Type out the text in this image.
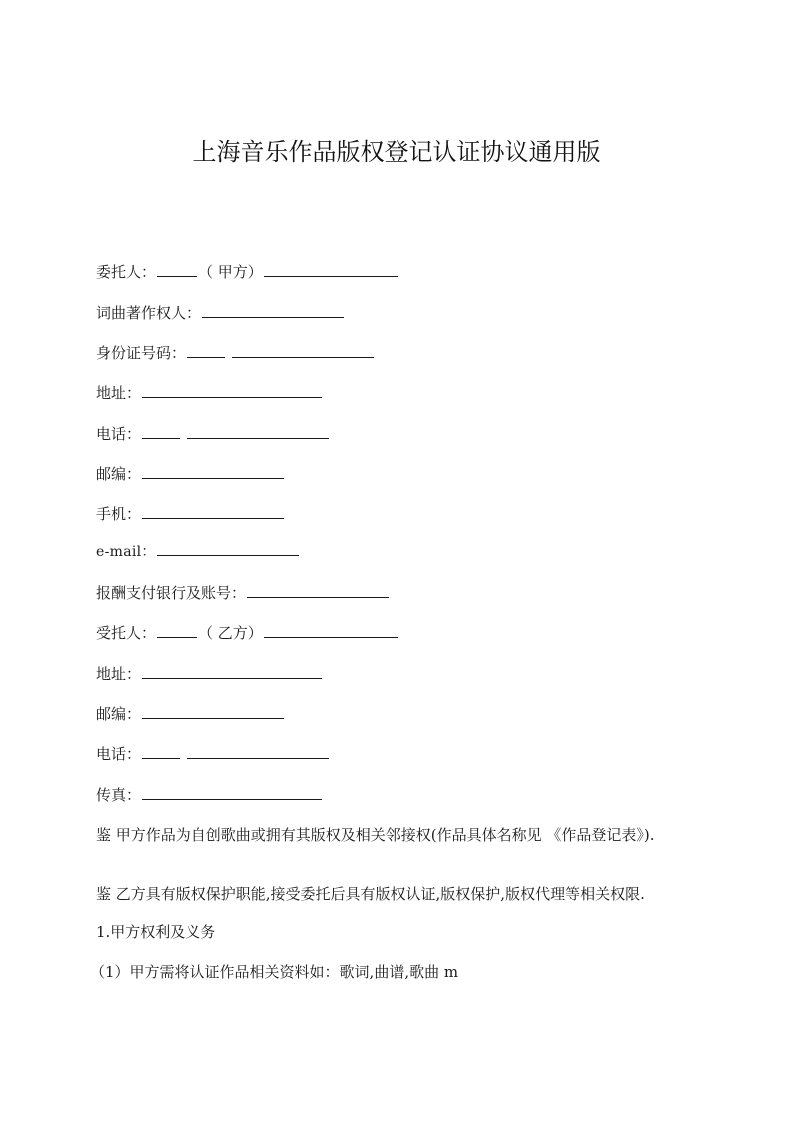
上海音乐作品版权登记认证协议通用版
委托人：	（ 甲方）
词曲著作权人：
身份证号码：
地址：
电话：
邮编：
手机：
e-mail：
报酬支付银行及账号：
受托人：	（ 乙方）
地址：
邮编：
电话：
传真：
鉴 甲方作品为自创歌曲或拥有其版权及相关邻接权(作品具体名称见 《作品登记表》).
鉴 乙方具有版权保护职能,接受委托后具有版权认证,版权保护,版权代理等相关权限.
1.甲方权利及义务
（1）甲方需将认证作品相关资料如：歌词,曲谱,歌曲 m
